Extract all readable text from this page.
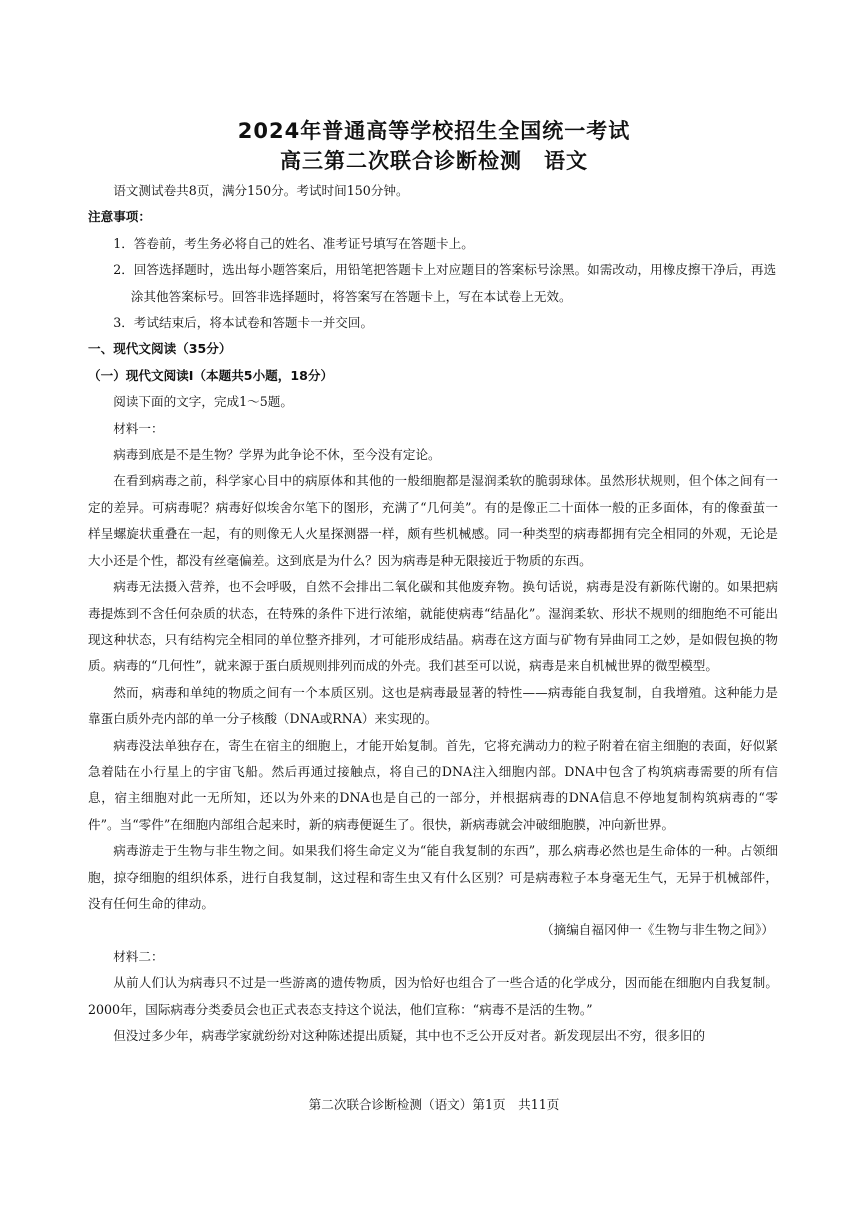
2024年普通高等学校招生全国统一考试

高三第二次联合诊断检测　语文

语文测试卷共8页，满分150分。考试时间150分钟。

注意事项：

1．答卷前，考生务必将自己的姓名、准考证号填写在答题卡上。

2．回答选择题时，选出每小题答案后，用铅笔把答题卡上对应题目的答案标号涂黑。如需改动，用橡皮擦干净后，再选涂其他答案标号。回答非选择题时，将答案写在答题卡上，写在本试卷上无效。

3．考试结束后，将本试卷和答题卡一并交回。

一、现代文阅读（35分）

（一）现代文阅读Ⅰ（本题共5小题，18分）

阅读下面的文字，完成1～5题。

材料一：

病毒到底是不是生物？学界为此争论不休，至今没有定论。

在看到病毒之前，科学家心目中的病原体和其他的一般细胞都是湿润柔软的脆弱球体。虽然形状规则，但个体之间有一定的差异。可病毒呢？病毒好似埃舍尔笔下的图形，充满了“几何美”。有的是像正二十面体一般的正多面体，有的像蚕茧一样呈螺旋状重叠在一起，有的则像无人火星探测器一样，颇有些机械感。同一种类型的病毒都拥有完全相同的外观，无论是大小还是个性，都没有丝毫偏差。这到底是为什么？因为病毒是种无限接近于物质的东西。

病毒无法摄入营养，也不会呼吸，自然不会排出二氧化碳和其他废弃物。换句话说，病毒是没有新陈代谢的。如果把病毒提炼到不含任何杂质的状态，在特殊的条件下进行浓缩，就能使病毒“结晶化”。湿润柔软、形状不规则的细胞绝不可能出现这种状态，只有结构完全相同的单位整齐排列，才可能形成结晶。病毒在这方面与矿物有异曲同工之妙，是如假包换的物质。病毒的“几何性”，就来源于蛋白质规则排列而成的外壳。我们甚至可以说，病毒是来自机械世界的微型模型。

然而，病毒和单纯的物质之间有一个本质区别。这也是病毒最显著的特性——病毒能自我复制，自我增殖。这种能力是靠蛋白质外壳内部的单一分子核酸（DNA或RNA）来实现的。

病毒没法单独存在，寄生在宿主的细胞上，才能开始复制。首先，它将充满动力的粒子附着在宿主细胞的表面，好似紧急着陆在小行星上的宇宙飞船。然后再通过接触点，将自己的DNA注入细胞内部。DNA中包含了构筑病毒需要的所有信息，宿主细胞对此一无所知，还以为外来的DNA也是自己的一部分，并根据病毒的DNA信息不停地复制构筑病毒的“零件”。当“零件”在细胞内部组合起来时，新的病毒便诞生了。很快，新病毒就会冲破细胞膜，冲向新世界。

病毒游走于生物与非生物之间。如果我们将生命定义为“能自我复制的东西”，那么病毒必然也是生命体的一种。占领细胞，掠夺细胞的组织体系，进行自我复制，这过程和寄生虫又有什么区别？可是病毒粒子本身毫无生气，无异于机械部件，没有任何生命的律动。

（摘编自福冈伸一《生物与非生物之间》）

材料二：

从前人们认为病毒只不过是一些游离的遗传物质，因为恰好也组合了一些合适的化学成分，因而能在细胞内自我复制。2000年，国际病毒分类委员会也正式表态支持这个说法，他们宣称：“病毒不是活的生物。”

但没过多少年，病毒学家就纷纷对这种陈述提出质疑，其中也不乏公开反对者。新发现层出不穷，很多旧的

第二次联合诊断检测（语文）第1页　共11页
